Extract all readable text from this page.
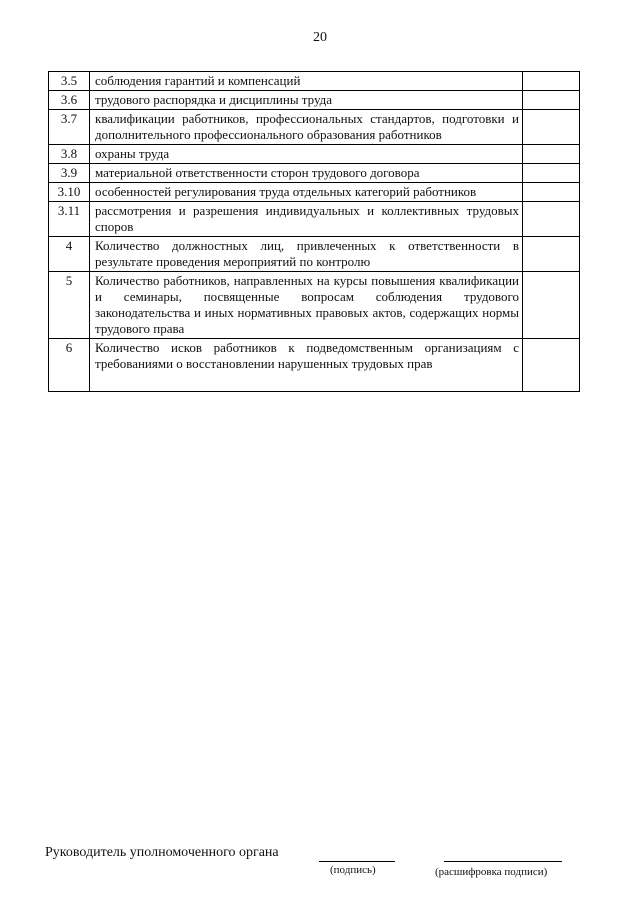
20
3.5	соблюдения гарантий и компенсаций	
3.6	трудового распорядка и дисциплины труда	
3.7	квалификации работников, профессиональных стандартов, подготовки и дополнительного профессионального образования работников	
3.8	охраны труда	
3.9	материальной ответственности сторон трудового договора	
3.10	особенностей регулирования труда отдельных категорий работников	
3.11	рассмотрения и разрешения индивидуальных и коллективных трудовых споров	
4	Количество должностных лиц, привлеченных к ответственности в результате проведения мероприятий по контролю	
5	Количество работников, направленных на курсы повышения квалификации и семинары, посвященные вопросам соблюдения трудового законодательства и иных нормативных правовых актов, содержащих нормы трудового права	
6	Количество исков работников к подведомственным организациям с требованиями о восстановлении нарушенных трудовых прав	
Руководитель уполномоченного органа
(подпись)	(расшифровка подписи)
